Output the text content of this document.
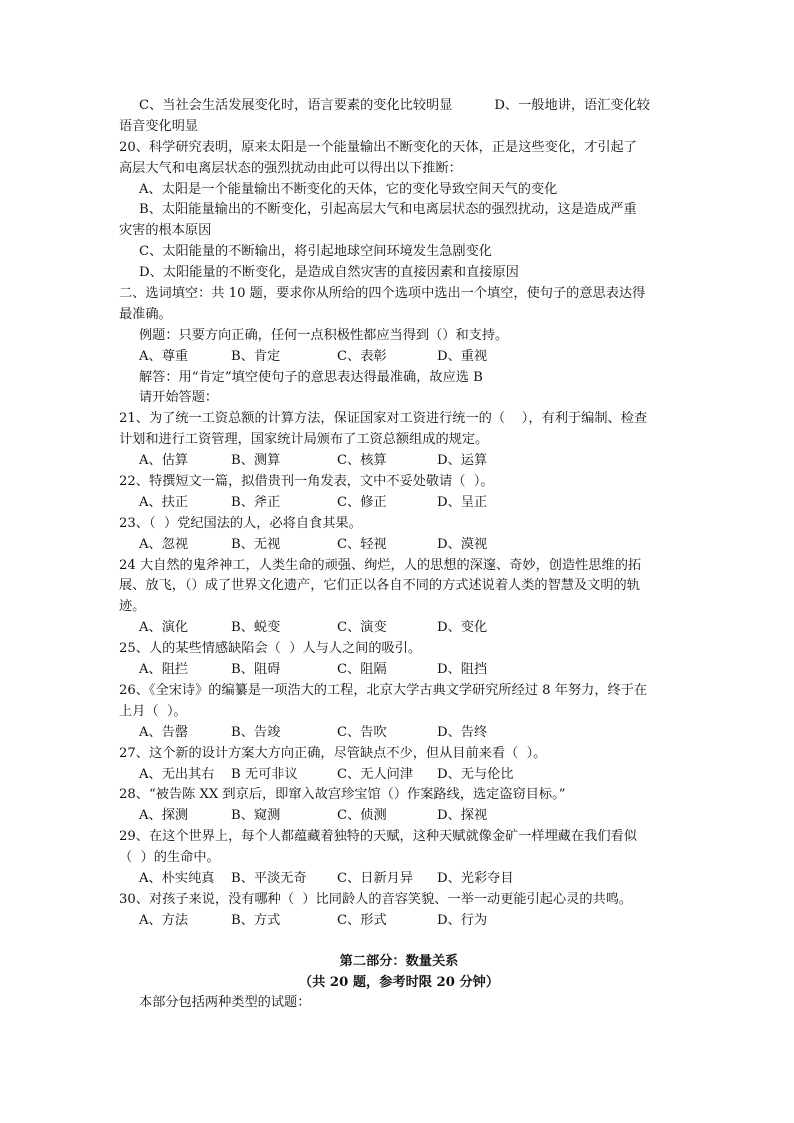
C、当社会生活发展变化时，语言要素的变化比较明显          D、一般地讲，语汇变化较
语音变化明显
20、科学研究表明，原来太阳是一个能量输出不断变化的天体，正是这些变化，才引起了
高层大气和电离层状态的强烈扰动由此可以得出以下推断：
A、太阳是一个能量输出不断变化的天体，它的变化导致空间天气的变化
B、太阳能量输出的不断变化，引起高层大气和电离层状态的强烈扰动，这是造成严重
灾害的根本原因
C、太阳能量的不断输出，将引起地球空间环境发生急剧变化
D、太阳能量的不断变化，是造成自然灾害的直接因素和直接原因
二、选词填空：共 10 题，要求你从所给的四个选项中选出一个填空，使句子的意思表达得
最准确。
例题：只要方向正确，任何一点积极性都应当得到（）和支持。
A、尊重	B、肯定	C、表彰	D、重视
解答：用“肯定”填空使句子的意思表达得最准确，故应选 B
请开始答题：
21、为了统一工资总额的计算方法，保证国家对工资进行统一的（    ），有利于编制、检查
计划和进行工资管理，国家统计局颁布了工资总额组成的规定。
A、估算	B、测算	C、核算	D、运算
22、特撰短文一篇，拟借贵刊一角发表，文中不妥处敬请（  ）。
A、扶正	B、斧正	C、修正	D、呈正
23、（  ）党纪国法的人，必将自食其果。
A、忽视	B、无视	C、轻视	D、漠视
24 大自然的鬼斧神工，人类生命的顽强、绚烂，人的思想的深邃、奇妙，创造性思维的拓
展、放飞，（）成了世界文化遗产，它们正以各自不同的方式述说着人类的智慧及文明的轨
迹。
A、演化	B、蜕变	C、演变	D、变化
25、人的某些情感缺陷会（  ）人与人之间的吸引。
A、阻拦	B、阻碍	C、阻隔	D、阻挡
26、《全宋诗》的编纂是一项浩大的工程，北京大学古典文学研究所经过 8 年努力，终于在
上月（  ）。
A、告罄	B、告竣	C、告吹	D、告终
27、这个新的设计方案大方向正确，尽管缺点不少，但从目前来看（  ）。
A、无出其右	B 无可非议	C、无人问津	D、无与伦比
28、“被告陈 XX 到京后，即窜入故宫珍宝馆（）作案路线，选定盗窃目标。”
A、探测	B、窥测	C、侦测	D、探视
29、在这个世界上，每个人都蕴藏着独特的天赋，这种天赋就像金矿一样埋藏在我们看似
（  ）的生命中。
A、朴实纯真	B、平淡无奇	C、日新月异	D、光彩夺目
30、对孩子来说，没有哪种（  ）比同龄人的音容笑貌、一举一动更能引起心灵的共鸣。
A、方法	B、方式	C、形式	D、行为
第二部分：数量关系
（共 20 题，参考时限 20 分钟）
本部分包括两种类型的试题：
